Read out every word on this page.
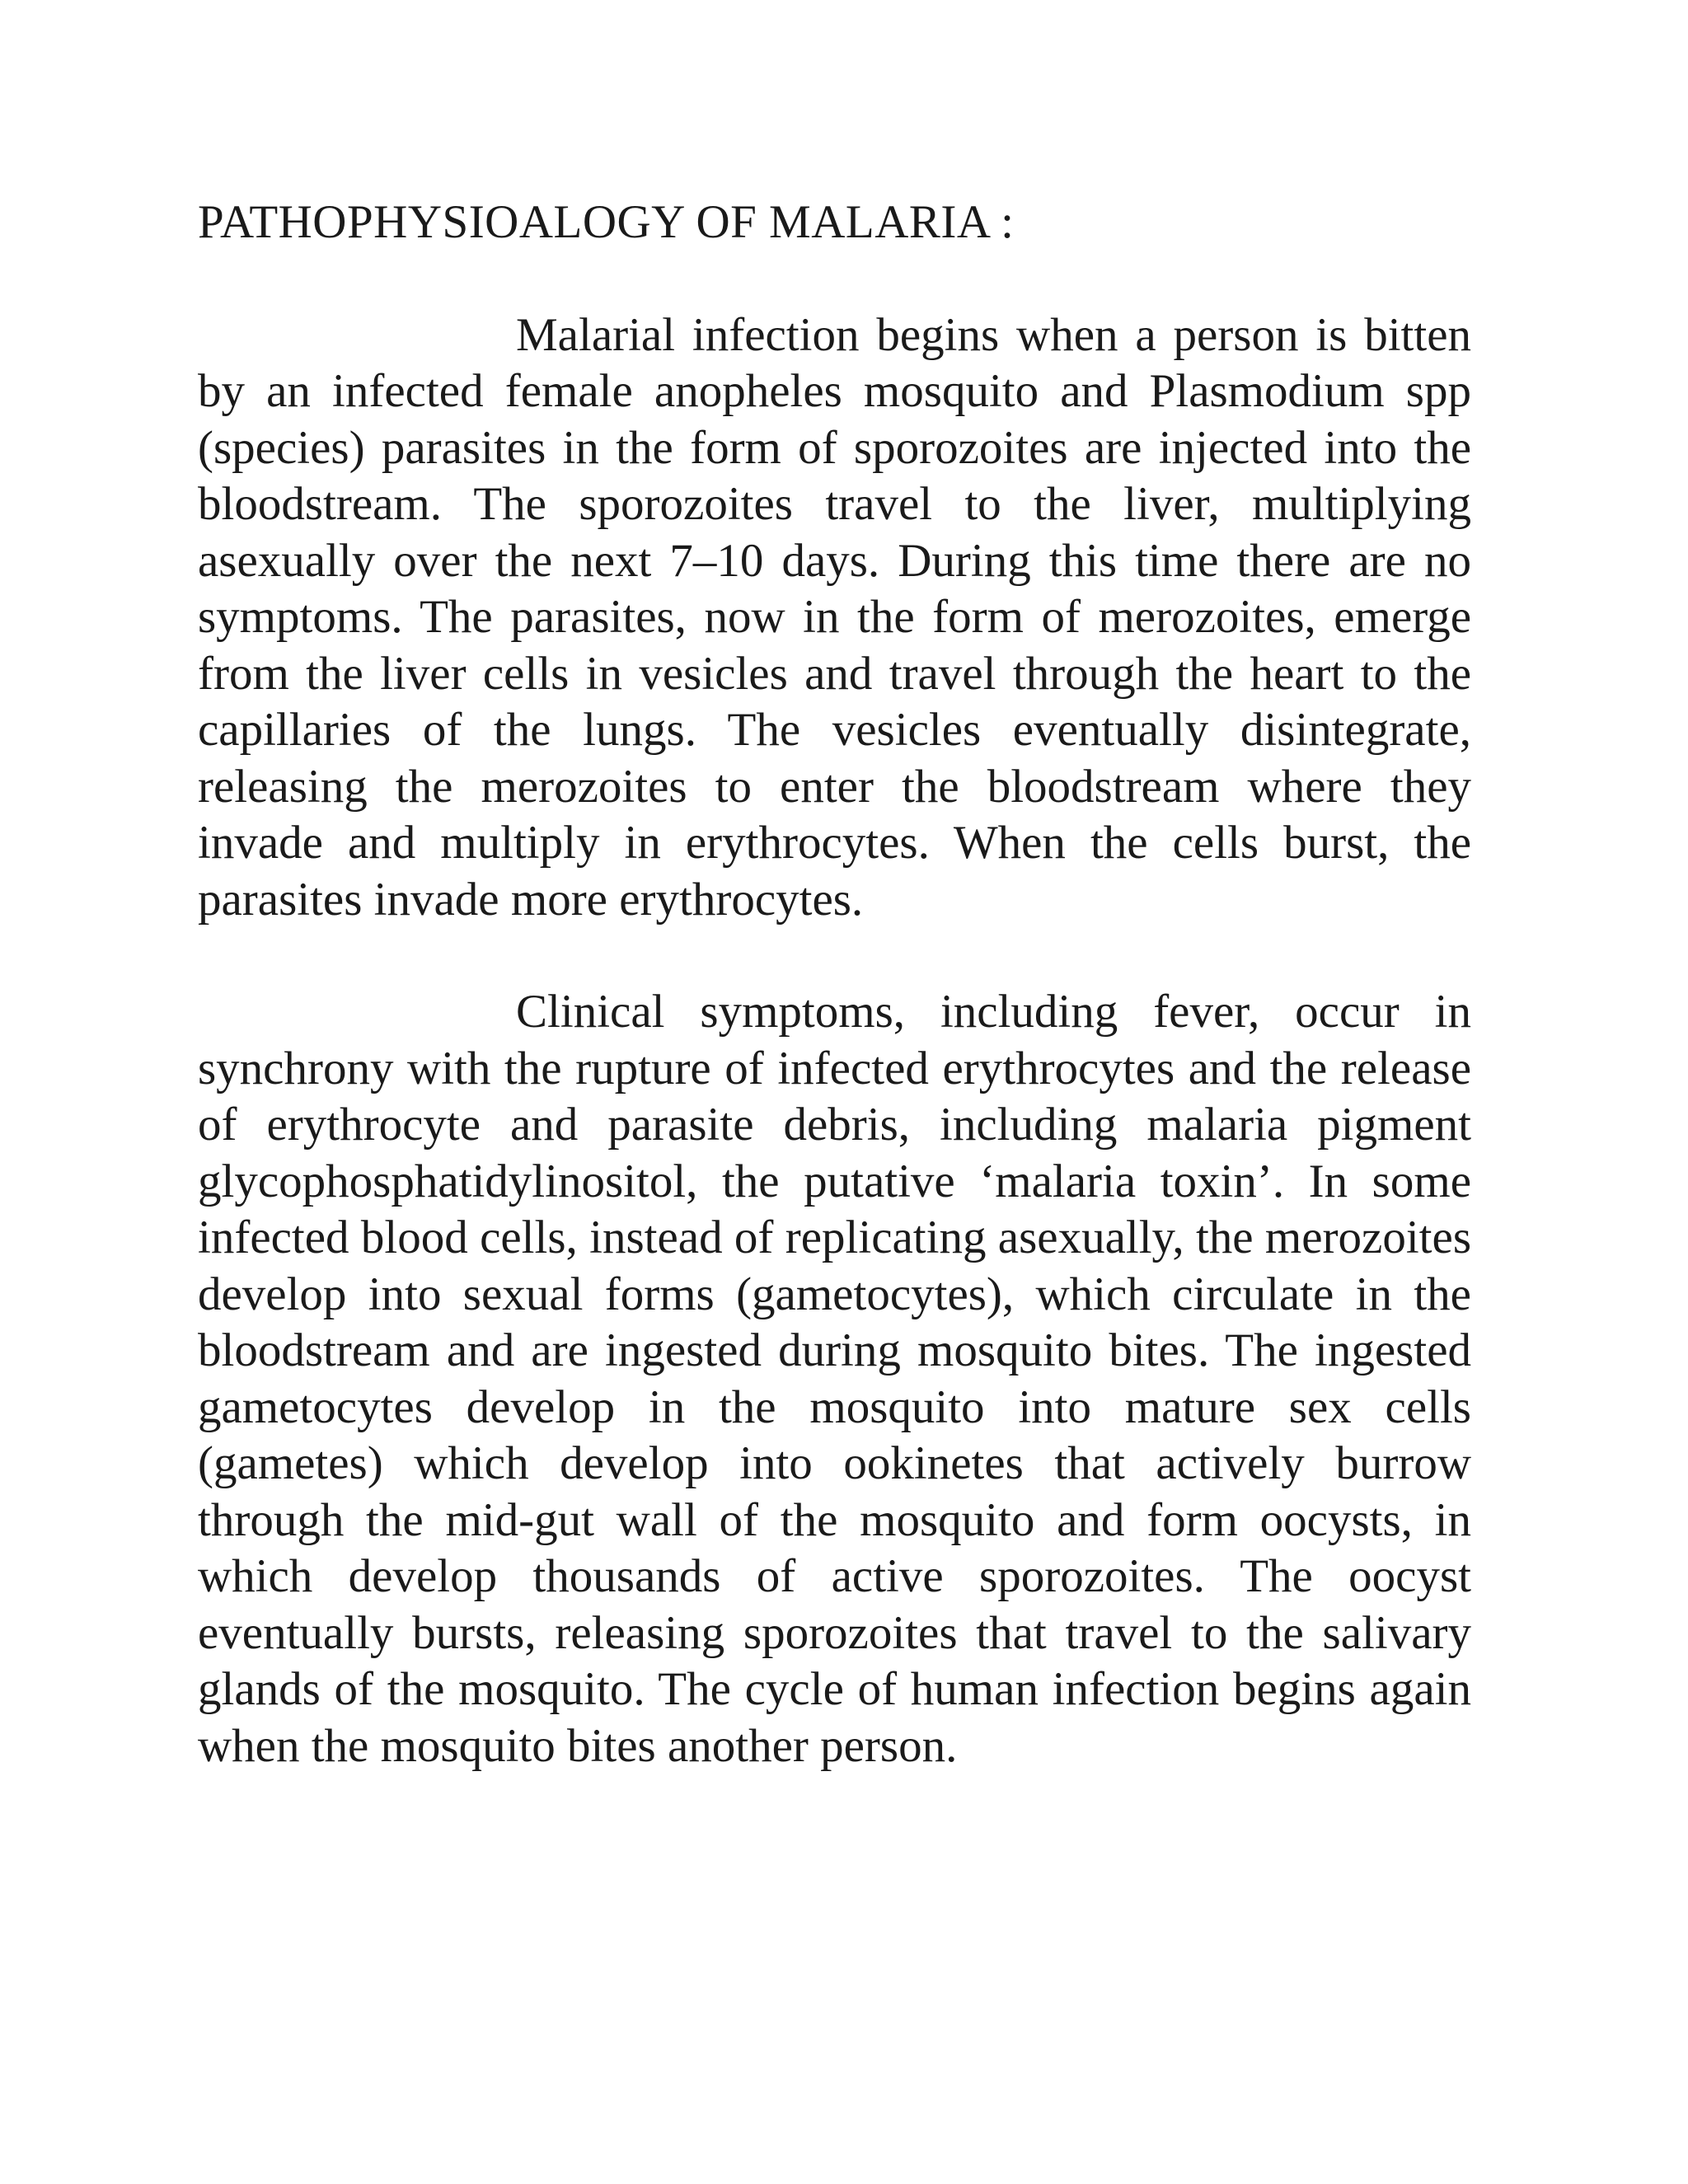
PATHOPHYSIOALOGY OF MALARIA :

Malarial infection begins when a person is bitten by an infected female anopheles mosquito and Plasmodium spp (species) parasites in the form of sporozoites are injected into the bloodstream. The sporozoites travel to the liver, multiplying asexually over the next 7–10 days. During this time there are no symptoms. The parasites, now in the form of merozoites, emerge from the liver cells in vesicles and travel through the heart to the capillaries of the lungs. The vesicles eventually disintegrate, releasing the merozoites to enter the bloodstream where they invade and multiply in erythrocytes. When the cells burst, the parasites invade more erythrocytes.

Clinical symptoms, including fever, occur in synchrony with the rupture of infected erythrocytes and the release of erythrocyte and parasite debris, including malaria pigment glycophosphatidylinositol, the putative ‘malaria toxin’. In some infected blood cells, instead of replicating asexually, the merozoites develop into sexual forms (gametocytes), which circulate in the bloodstream and are ingested during mosquito bites. The ingested gametocytes develop in the mosquito into mature sex cells (gametes) which develop into ookinetes that actively burrow through the mid-gut wall of the mosquito and form oocysts, in which develop thousands of active sporozoites. The oocyst eventually bursts, releasing sporozoites that travel to the salivary glands of the mosquito. The cycle of human infection begins again when the mosquito bites another person.
